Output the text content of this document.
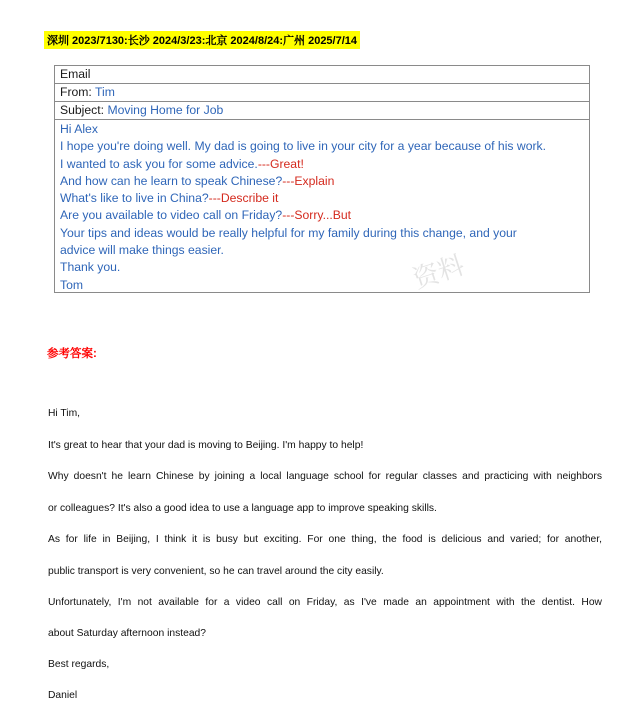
深圳 2023/7130:长沙 2024/3/23:北京 2024/8/24:广州 2025/7/14
Email
From: Tim
Subject: Moving Home for Job
Hi Alex
I hope you're doing well. My dad is going to live in your city for a year because of his work.
I wanted to ask you for some advice.---Great!
And how can he learn to speak Chinese?---Explain
What's like to live in China?---Describe it
Are you available to video call on Friday?---Sorry...But
Your tips and ideas would be really helpful for my family during this change, and your
advice will make things easier.
Thank you.
Tom	资料
参考答案:

Hi Tim,

It's great to hear that your dad is moving to Beijing. I'm happy to help!

Why doesn't he learn Chinese by joining a local language school for regular classes and practicing with neighbors

or colleagues? It's also a good idea to use a language app to improve speaking skills.

As for life in Beijing, I think it is busy but exciting. For one thing, the food is delicious and varied; for another,

public transport is very convenient, so he can travel around the city easily.

Unfortunately, I'm not available for a video call on Friday, as I've made an appointment with the dentist. How

about Saturday afternoon instead?

Best regards,

Daniel
